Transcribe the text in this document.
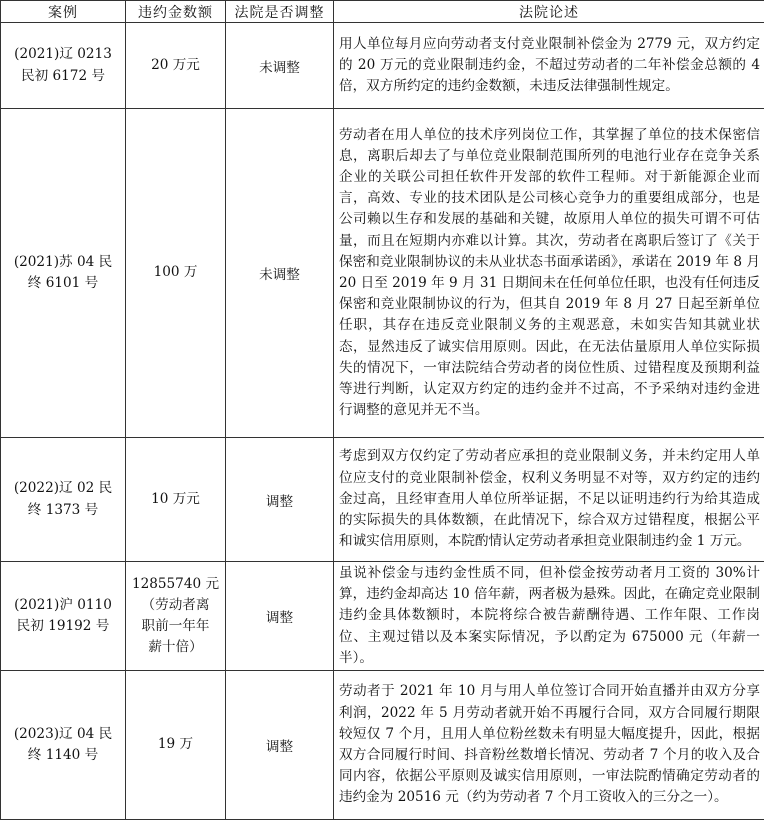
案例	违约金数额	法院是否调整	法院论述

(2021)辽 0213
民初 6172 号	20 万元	未调整	用人单位每月应向劳动者支付竞业限制补偿金为 2779 元，双方约定的 20 万元的竞业限制违约金，不超过劳动者的二年补偿金总额的 4 倍，双方所约定的违约金数额，未违反法律强制性规定。

(2021)苏 04 民
终 6101 号	100 万	未调整	劳动者在用人单位的技术序列岗位工作，其掌握了单位的技术保密信息，离职后却去了与单位竞业限制范围所列的电池行业存在竞争关系企业的关联公司担任软件开发部的软件工程师。对于新能源企业而言，高效、专业的技术团队是公司核心竞争力的重要组成部分，也是公司赖以生存和发展的基础和关键，故原用人单位的损失可谓不可估量，而且在短期内亦难以计算。其次，劳动者在离职后签订了《关于保密和竞业限制协议的未从业状态书面承诺函》，承诺在 2019 年 8 月 20 日至 2019 年 9 月 31 日期间未在任何单位任职，也没有任何违反保密和竞业限制协议的行为，但其自 2019 年 8 月 27 日起至新单位任职，其存在违反竞业限制义务的主观恶意，未如实告知其就业状态，显然违反了诚实信用原则。因此，在无法估量原用人单位实际损失的情况下，一审法院结合劳动者的岗位性质、过错程度及预期利益等进行判断，认定双方约定的违约金并不过高，不予采纳对违约金进行调整的意见并无不当。

(2022)辽 02 民
终 1373 号	10 万元	调整	考虑到双方仅约定了劳动者应承担的竞业限制义务，并未约定用人单位应支付的竞业限制补偿金，权利义务明显不对等，双方约定的违约金过高，且经审查用人单位所举证据，不足以证明违约行为给其造成的实际损失的具体数额，在此情况下，综合双方过错程度，根据公平和诚实信用原则，本院酌情认定劳动者承担竞业限制违约金 1 万元。

(2021)沪 0110
民初 19192 号	12855740 元
（劳动者离
职前一年年
薪十倍）	调整	虽说补偿金与违约金性质不同，但补偿金按劳动者月工资的 30%计算，违约金却高达 10 倍年薪，两者极为悬殊。因此，在确定竞业限制违约金具体数额时，本院将综合被告薪酬待遇、工作年限、工作岗位、主观过错以及本案实际情况，予以酌定为 675000 元（年薪一半）。

(2023)辽 04 民
终 1140 号	19 万	调整	劳动者于 2021 年 10 月与用人单位签订合同开始直播并由双方分享利润，2022 年 5 月劳动者就开始不再履行合同，双方合同履行期限较短仅 7 个月，且用人单位粉丝数未有明显大幅度提升，因此，根据双方合同履行时间、抖音粉丝数增长情况、劳动者 7 个月的收入及合同内容，依据公平原则及诚实信用原则，一审法院酌情确定劳动者的违约金为 20516 元（约为劳动者 7 个月工资收入的三分之一）。
